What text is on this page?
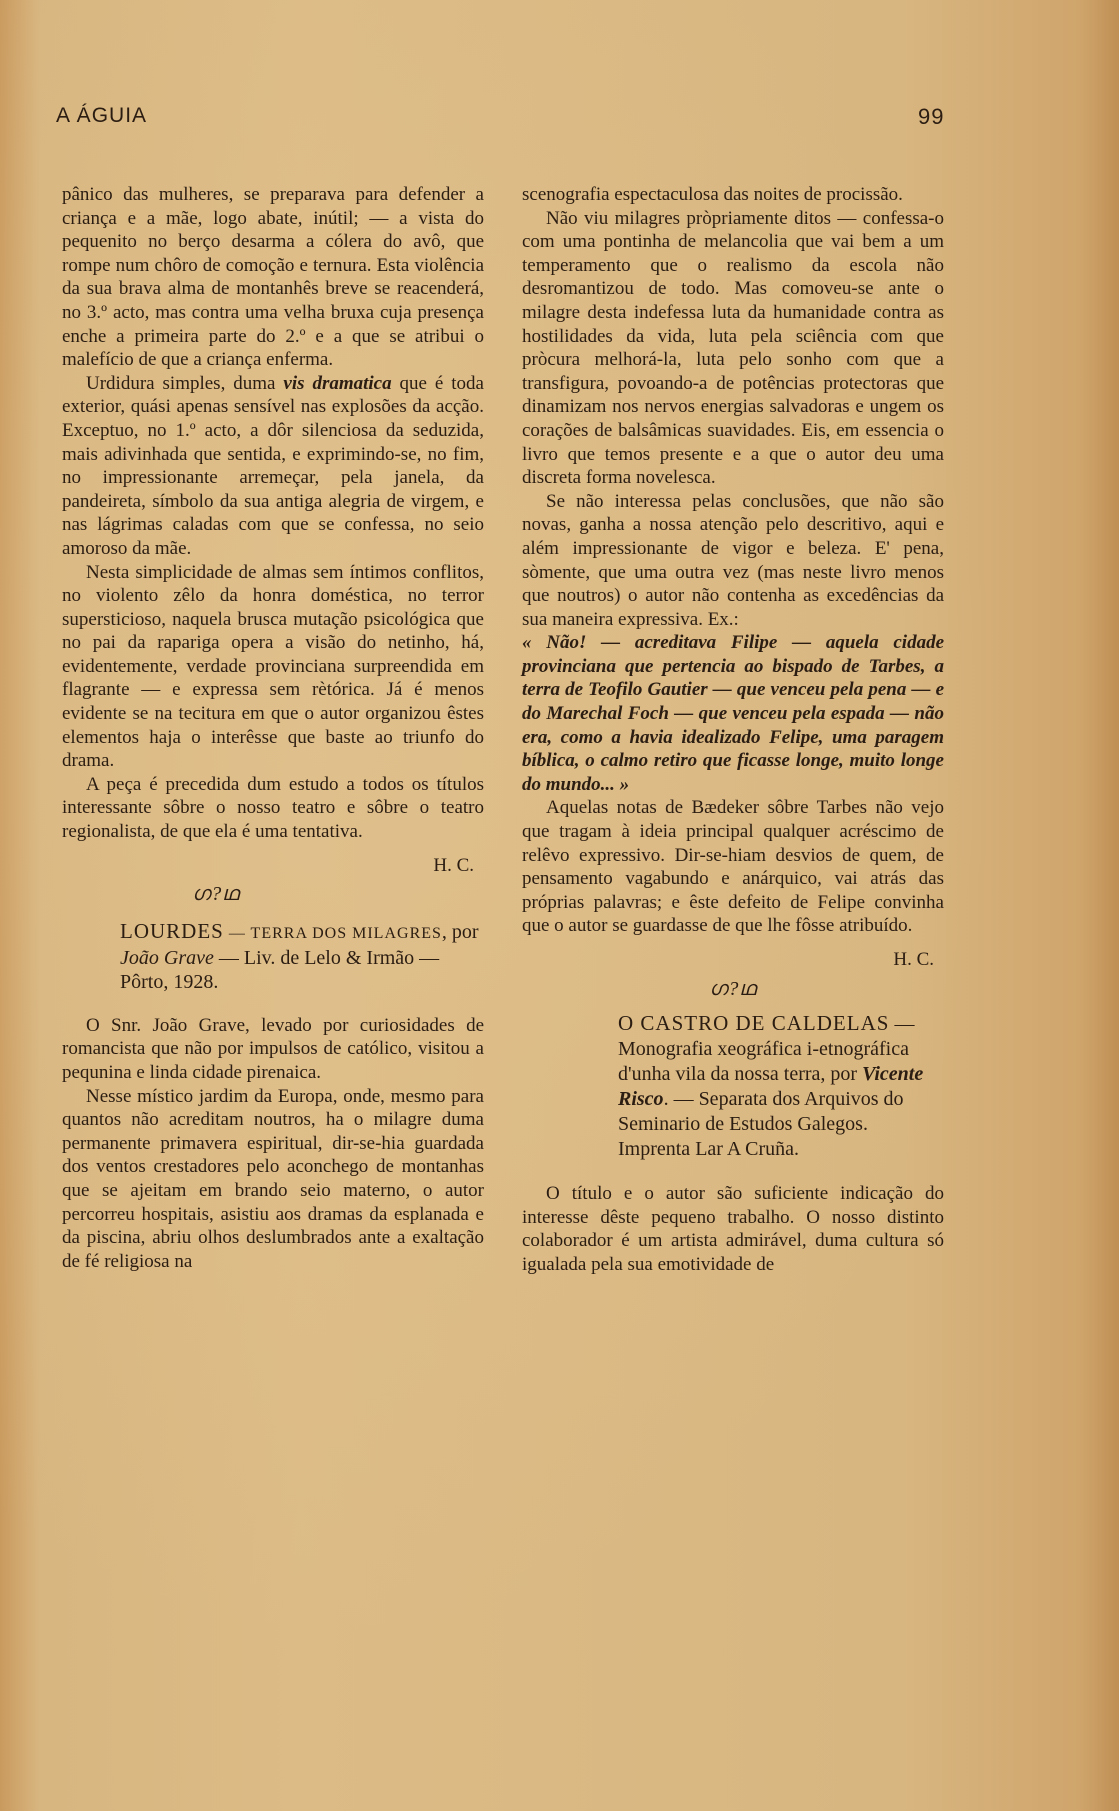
A ÁGUIA	99

pânico das mulheres, se preparava para defender a criança e a mãe, logo abate, inútil; — a vista do pequenito no berço desarma a cólera do avô, que rompe num chôro de comoção e ternura. Esta violência da sua brava alma de montanhês breve se reacenderá, no 3.º acto, mas contra uma velha bruxa cuja presença enche a primeira parte do 2.º e a que se atribui o malefício de que a criança enferma.

Urdidura simples, duma vis dramatica que é toda exterior, quási apenas sensível nas explosões da acção. Exceptuo, no 1.º acto, a dôr silenciosa da seduzida, mais adivinhada que sentida, e exprimindo-se, no fim, no impressionante arremeçar, pela janela, da pandeireta, símbolo da sua antiga alegria de virgem, e nas lágrimas caladas com que se confessa, no seio amoroso da mãe.

Nesta simplicidade de almas sem íntimos conflitos, no violento zêlo da honra doméstica, no terror supersticioso, naquela brusca mutação psicológica que no pai da rapariga opera a visão do netinho, há, evidentemente, verdade provinciana surpreendida em flagrante — e expressa sem rètórica. Já é menos evidente se na tecitura em que o autor organizou êstes elementos haja o interêsse que baste ao triunfo do drama.

A peça é precedida dum estudo a todos os títulos interessante sôbre o nosso teatro e sôbre o teatro regionalista, de que ela é uma tentativa.

H. C.

ഗ?ഥ

LOURDES — TERRA DOS MILAGRES, por João Grave — Liv. de Lelo & Irmão — Pôrto, 1928.

O Snr. João Grave, levado por curiosidades de romancista que não por impulsos de católico, visitou a pequnina e linda cidade pirenaica.

Nesse místico jardim da Europa, onde, mesmo para quantos não acreditam noutros, ha o milagre duma permanente primavera espiritual, dir-se-hia guardada dos ventos crestadores pelo aconchego de montanhas que se ajeitam em brando seio materno, o autor percorreu hospitais, asistiu aos dramas da esplanada e da piscina, abriu olhos deslumbrados ante a exaltação de fé religiosa na

scenografia espectaculosa das noites de procissão.

Não viu milagres pròpriamente ditos — confessa-o com uma pontinha de melancolia que vai bem a um temperamento que o realismo da escola não desromantizou de todo. Mas comoveu-se ante o milagre desta indefessa luta da humanidade contra as hostilidades da vida, luta pela sciência com que pròcura melhorá-la, luta pelo sonho com que a transfigura, povoando-a de potências protectoras que dinamizam nos nervos energias salvadoras e ungem os corações de balsâmicas suavidades. Eis, em essencia o livro que temos presente e a que o autor deu uma discreta forma novelesca.

Se não interessa pelas conclusões, que não são novas, ganha a nossa atenção pelo descritivo, aqui e além impressionante de vigor e beleza. E' pena, sòmente, que uma outra vez (mas neste livro menos que noutros) o autor não contenha as excedências da sua maneira expressiva. Ex.:

« Não! — acreditava Filipe — aquela cidade provinciana que pertencia ao bispado de Tarbes, a terra de Teofilo Gautier — que venceu pela pena — e do Marechal Foch — que venceu pela espada — não era, como a havia idealizado Felipe, uma paragem bíblica, o calmo retiro que ficasse longe, muito longe do mundo... »

Aquelas notas de Bædeker sôbre Tarbes não vejo que tragam à ideia principal qualquer acréscimo de relêvo expressivo. Dir-se-hiam desvios de quem, de pensamento vagabundo e anárquico, vai atrás das próprias palavras; e êste defeito de Felipe convinha que o autor se guardasse de que lhe fôsse atribuído.

H. C.

ഗ?ഥ

O CASTRO DE CALDELAS — Monografia xeográfica i-etnográfica d'unha vila da nossa terra, por Vicente Risco. — Separata dos Arquivos do Seminario de Estudos Galegos. Imprenta Lar A Cruña.

O título e o autor são suficiente indicação do interesse dêste pequeno trabalho. O nosso distinto colaborador é um artista admirável, duma cultura só igualada pela sua emotividade de
